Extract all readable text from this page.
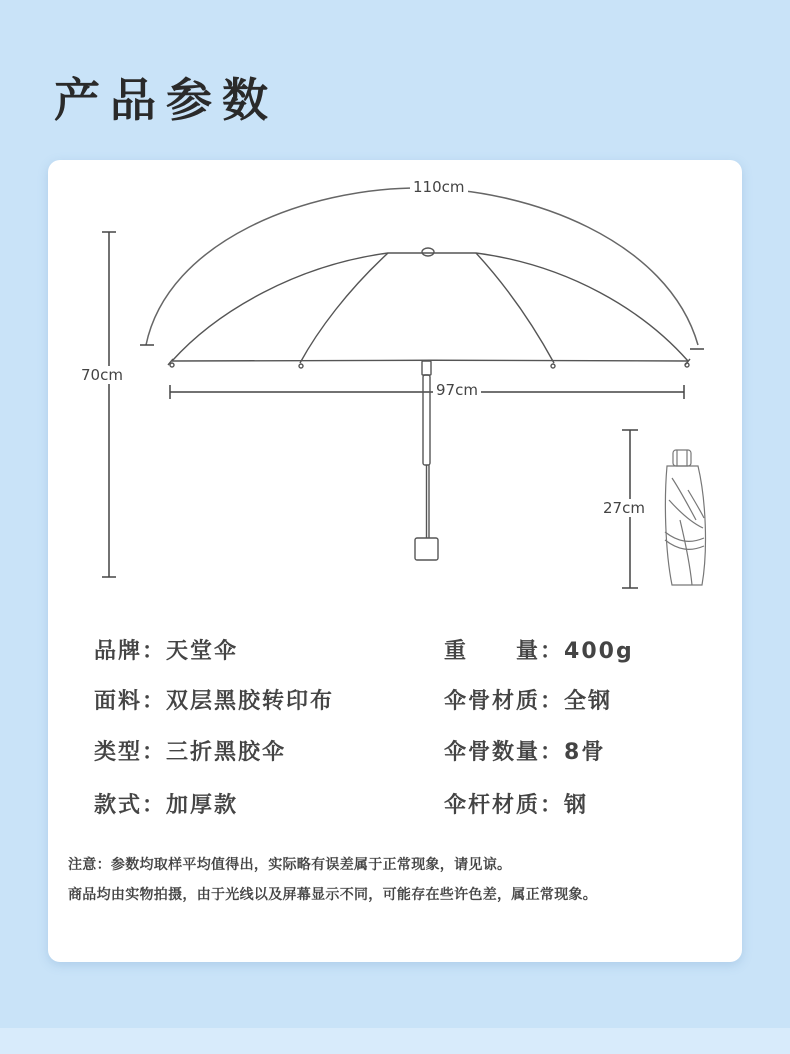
产品参数
110cm
70cm
97cm
27cm
品牌：天堂伞	重　　量：400g
面料：双层黑胶转印布	伞骨材质：全钢
类型：三折黑胶伞	伞骨数量：8骨
款式：加厚款	伞杆材质：钢
注意：参数均取样平均值得出，实际略有误差属于正常现象，请见谅。
商品均由实物拍摄，由于光线以及屏幕显示不同，可能存在些许色差，属正常现象。
